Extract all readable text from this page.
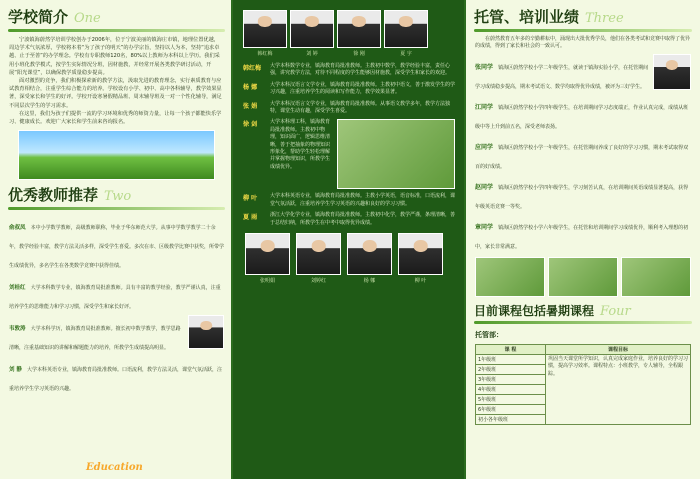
学校简介 One

宁波镇海蔚然学培训学校创办于2006年，位于宁波美丽的镇海庄市镇，地理位置优越，周边学术气氛浓厚，学校将本着“为了孩子的明天”的办学宗旨，坚持以人为本，坚持“追求卓越、止于至善”的办学理念。学校有专职教师120名，80%以上教师为本科以上学历。我们采用小班化教学模式，按学生实际情况分班，因材施教，并经常开展各类教学研讨活动，开展“阳光课堂”，以确保教学质量稳步提高。

面对激烈的竞争，我们积极探索新的教学方法，汲取先进的教育理念，实行素质教育与应试教育相结合，注重学生综合能力的培养。学校设有小学、初中、高中各科辅导，教学效果显著，深受家长和学生的好评。学校开设寒暑假精品班、周末辅导班及一对一个性化辅导，满足不同层次学生的学习需求。

在这里，我们为孩子们提供一流的学习环境和优秀的师资力量，让每一个孩子都能快乐学习、健康成长。欢迎广大家长和学生前来咨询报名。

优秀教师推荐 Two
俞叔凤 本中小学数学教师，高级教师职称，毕业于华东师范大学。从事中学数学教学二十余年，教学经验丰富，教学方法灵活多样，深受学生喜爱。多次在市、区级教学比赛中获奖，所带学生成绩优异，多名学生在各类数学竞赛中获得佳绩。
刘桂红 大学本科数学专业，镇海教育局批准教师。具有丰富的教学经验，教学严谨认真，注重培养学生的思维能力和学习习惯，深受学生和家长好评。
韦敦涛 大学本科学历，镇海教育局批准教师。擅长初中数学教学，教学思路清晰，注重基础知识的讲解和解题能力的培养，所教学生成绩提高明显。
刘 静 大学本科英语专业，镇海教育局批准教师。口语流利，教学方法灵活，课堂气氛活跃，注重培养学生学习英语的兴趣。
Education
韩红梅	刘 婷	徐 刚	夏 宇
韩红梅	大学本科数学专业，镇海教育局批准教师。主教初中数学，教学经验丰富，责任心强，讲究教学方法，对待不同程度的学生能够因材施教，深受学生和家长的欢迎。
杨 娜	大学本科汉语言文学专业，镇海教育局批准教师。主教初中语文，善于激发学生的学习兴趣，注重培养学生的阅读和写作能力，教学效果显著。
张 娟	大学本科汉语言文学专业，镇海教育局批准教师。从事语文教学多年，教学方法独特，课堂生动有趣，深受学生喜爱。
徐 剑	大学本科理工科，镇海教育局批准教师。主教初中物理，知识面广，逻辑思维清晰，善于把抽象的物理知识形象化，帮助学生轻松理解并掌握物理知识，所教学生成绩优异。
柳 叶	大学本科英语专业，镇海教育局批准教师。主教小学英语，语音标准，口语流利，课堂气氛活跃，注重培养学生学习英语的兴趣和良好的学习习惯。
夏 雨	浙江大学化学专业，镇海教育局批准教师。主教初中化学，教学严谨，条理清晰，善于总结归纳，所教学生在中考中取得优异成绩。
张明娟	刘婷红	杨 娜	柳 叶
托管、培训业绩 Three

在蔚然教育五年多的辛勤耕耘中，涌现出大批优秀学员，他们在各类考试和竞赛中取得了优异的成绩，得到了家长和社会的一致认可。

张同学 镇海区蔚然学校小学二年级学生，就读于镇海实验小学，在托管期间学习成绩稳步提高，期末考试语文、数学均取得优异成绩，被评为三好学生。
江同学 镇海区蔚然学校小学四年级学生，在培训期间学习态度端正，作业认真完成，成绩从班级中等上升到前五名，深受老师表扬。
应同学 镇海区蔚然学校小学一年级学生，在托管期间养成了良好的学习习惯，期末考试取得双百的好成绩。
赵同学 镇海区蔚然学校小学四年级学生，学习刻苦认真，在培训期间英语成绩显著提高，获得年级英语竞赛一等奖。
章同学 镇海区蔚然学校小学六年级学生，在托管和培训期间学习成绩优异，顺利考入理想的初中，家长非常满意。
目前课程包括暑期课程 Four
托管部：
课 程	课程目标
1年级班	巩固当天课堂所学知识，认真完成家庭作业，培养良好的学习习惯，提高学习效率。课程特点：小班教学，专人辅导，全程跟踪。
2年级班	
3年级班	
4年级班	
5年级班	
6年级班	
初小各年级班	
